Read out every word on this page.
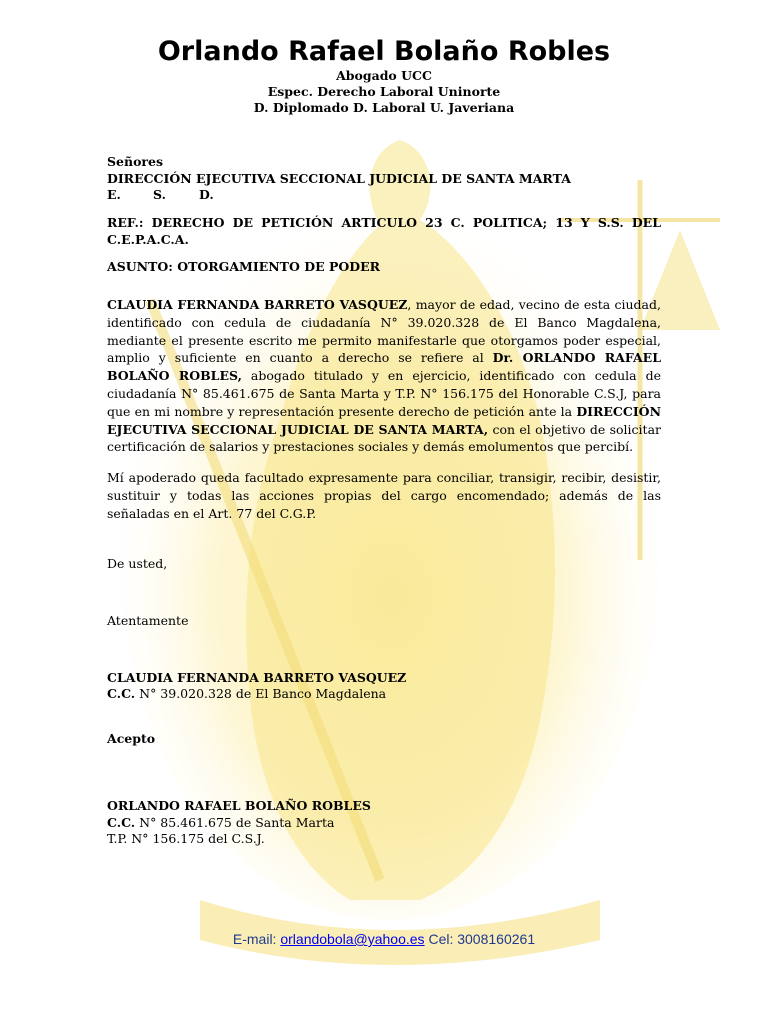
Orlando Rafael Bolaño Robles
Abogado UCC
Espec. Derecho Laboral Uninorte
D. Diplomado D. Laboral U. Javeriana
Señores
DIRECCIÓN EJECUTIVA SECCIONAL JUDICIAL DE SANTA MARTA
E.	S.	D.
REF.: DERECHO DE PETICIÓN ARTICULO 23 C. POLITICA; 13 Y S.S. DEL
C.E.P.A.C.A.
ASUNTO: OTORGAMIENTO DE PODER
CLAUDIA FERNANDA BARRETO VASQUEZ, mayor de edad, vecino de esta ciudad, identificado con cedula de ciudadanía N° 39.020.328 de El Banco Magdalena, mediante el presente escrito me permito manifestarle que otorgamos poder especial, amplio y suficiente en cuanto a derecho se refiere al Dr. ORLANDO RAFAEL BOLAÑO ROBLES, abogado titulado y en ejercicio, identificado con cedula de ciudadanía N° 85.461.675 de Santa Marta y T.P. N° 156.175 del Honorable C.S.J, para que en mi nombre y representación presente derecho de petición ante la DIRECCIÓN EJECUTIVA SECCIONAL JUDICIAL DE SANTA MARTA, con el objetivo de solicitar certificación de salarios y prestaciones sociales y demás emolumentos que percibí.
Mí apoderado queda facultado expresamente para conciliar, transigir, recibir, desistir, sustituir y todas las acciones propias del cargo encomendado; además de las señaladas en el Art. 77 del C.G.P.
De usted,
Atentamente
CLAUDIA FERNANDA BARRETO VASQUEZ
C.C. N° 39.020.328 de El Banco Magdalena
Acepto
ORLANDO RAFAEL BOLAÑO ROBLES
C.C. N° 85.461.675 de Santa Marta
T.P. N° 156.175 del C.S.J.
E-mail: orlandobola@yahoo.es Cel: 3008160261
